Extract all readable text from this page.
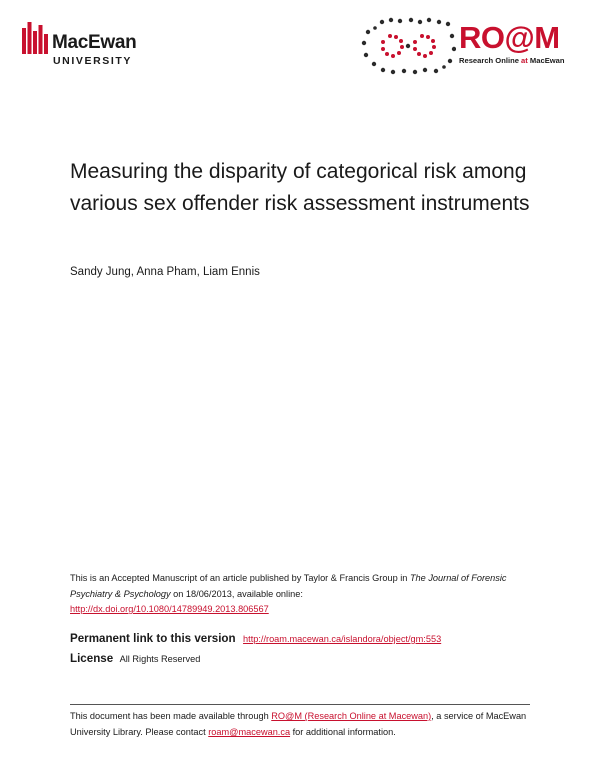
MacEwan
UNIVERSITY
RO@M
Research Online at MacEwan
Measuring the disparity of categorical risk among various sex offender risk assessment instruments
Sandy Jung, Anna Pham, Liam Ennis
This is an Accepted Manuscript of an article published by Taylor & Francis Group in The Journal of Forensic Psychiatry & Psychology on 18/06/2013, available online:
http://dx.doi.org/10.1080/14789949.2013.806567
Permanent link to this version http://roam.macewan.ca/islandora/object/gm:553
License All Rights Reserved
This document has been made available through RO@M (Research Online at Macewan), a service of MacEwan University Library. Please contact roam@macewan.ca for additional information.
